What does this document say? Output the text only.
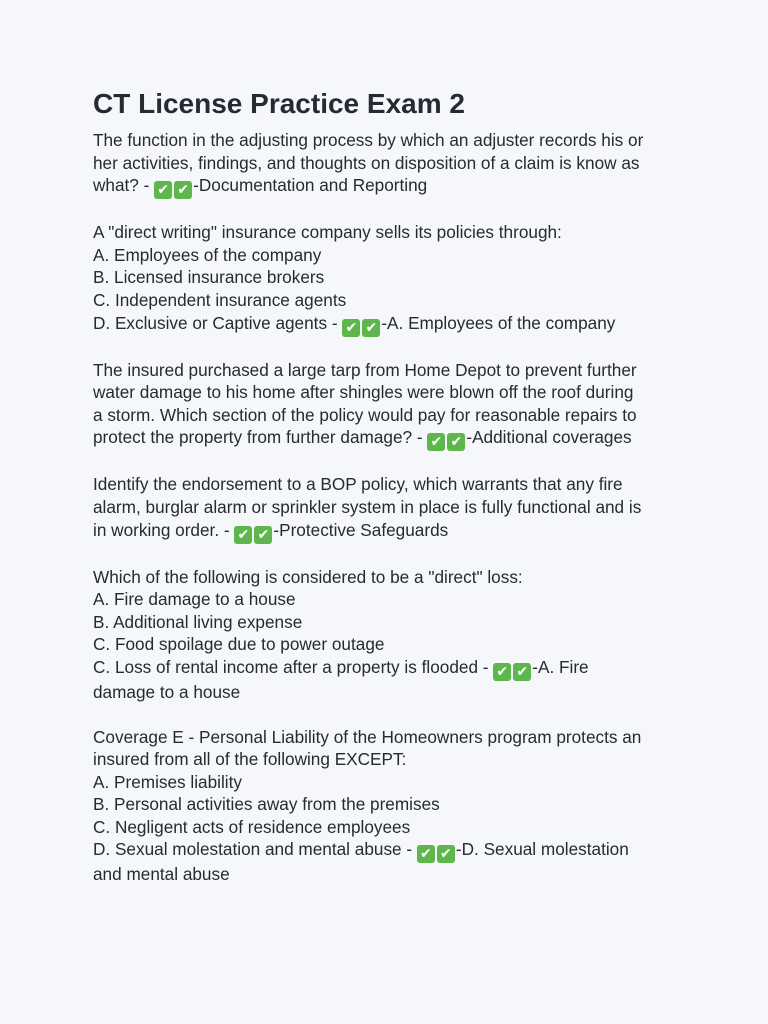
CT License Practice Exam 2
The function in the adjusting process by which an adjuster records his or
her activities, findings, and thoughts on disposition of a claim is know as
what? - ✔ ✔ -Documentation and Reporting
A "direct writing" insurance company sells its policies through:
A. Employees of the company
B. Licensed insurance brokers
C. Independent insurance agents
D. Exclusive or Captive agents - ✔ ✔ -A. Employees of the company
The insured purchased a large tarp from Home Depot to prevent further
water damage to his home after shingles were blown off the roof during
a storm. Which section of the policy would pay for reasonable repairs to
protect the property from further damage? - ✔ ✔ -Additional coverages
Identify the endorsement to a BOP policy, which warrants that any fire
alarm, burglar alarm or sprinkler system in place is fully functional and is
in working order. - ✔ ✔ -Protective Safeguards
Which of the following is considered to be a "direct" loss:
A. Fire damage to a house
B. Additional living expense
C. Food spoilage due to power outage
C. Loss of rental income after a property is flooded - ✔ ✔ -A. Fire
damage to a house
Coverage E - Personal Liability of the Homeowners program protects an
insured from all of the following EXCEPT:
A. Premises liability
B. Personal activities away from the premises
C. Negligent acts of residence employees
D. Sexual molestation and mental abuse - ✔ ✔ -D. Sexual molestation
and mental abuse
